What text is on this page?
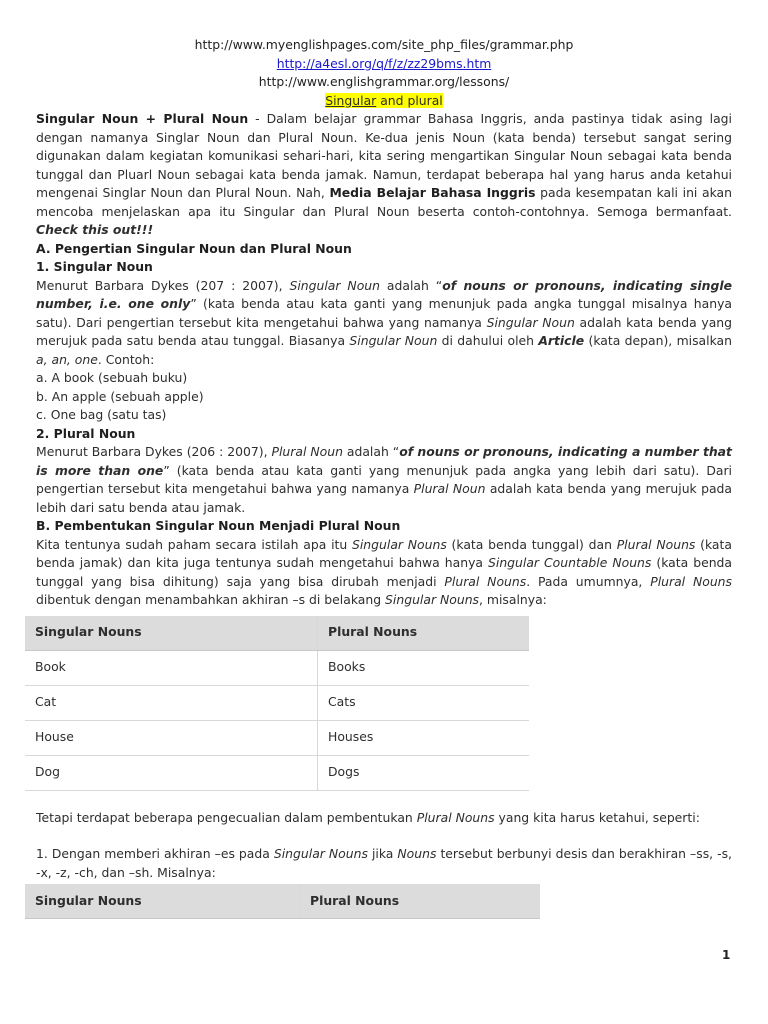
http://www.myenglishpages.com/site_php_files/grammar.php
http://a4esl.org/q/f/z/zz29bms.htm
http://www.englishgrammar.org/lessons/
Singular and plural

Singular Noun + Plural Noun - Dalam belajar grammar Bahasa Inggris, anda pastinya tidak asing lagi dengan namanya Singlar Noun dan Plural Noun. Ke-dua jenis Noun (kata benda) tersebut sangat sering digunakan dalam kegiatan komunikasi sehari-hari, kita sering mengartikan Singular Noun sebagai kata benda tunggal dan Pluarl Noun sebagai kata benda jamak. Namun, terdapat beberapa hal yang harus anda ketahui mengenai Singlar Noun dan Plural Noun. Nah, Media Belajar Bahasa Inggris pada kesempatan kali ini akan mencoba menjelaskan apa itu Singular dan Plural Noun beserta contoh-contohnya. Semoga bermanfaat. Check this out!!!

A. Pengertian Singular Noun dan Plural Noun
1. Singular Noun

Menurut Barbara Dykes (207 : 2007), Singular Noun adalah “of nouns or pronouns, indicating single number, i.e. one only” (kata benda atau kata ganti yang menunjuk pada angka tunggal misalnya hanya satu). Dari pengertian tersebut kita mengetahui bahwa yang namanya Singular Noun adalah kata benda yang merujuk pada satu benda atau tunggal. Biasanya Singular Noun di dahului oleh Article (kata depan), misalkan a, an, one. Contoh:

a. A book (sebuah buku)
b. An apple (sebuah apple)
c. One bag (satu tas)
2. Plural Noun

Menurut Barbara Dykes (206 : 2007), Plural Noun adalah “of nouns or pronouns, indicating a number that is more than one” (kata benda atau kata ganti yang menunjuk pada angka yang lebih dari satu). Dari pengertian tersebut kita mengetahui bahwa yang namanya Plural Noun adalah kata benda yang merujuk pada lebih dari satu benda atau jamak.

B. Pembentukan Singular Noun Menjadi Plural Noun

Kita tentunya sudah paham secara istilah apa itu Singular Nouns (kata benda tunggal) dan Plural Nouns (kata benda jamak) dan kita juga tentunya sudah mengetahui bahwa hanya Singular Countable Nouns (kata benda tunggal yang bisa dihitung) saja yang bisa dirubah menjadi Plural Nouns. Pada umumnya, Plural Nouns dibentuk dengan menambahkan akhiran –s di belakang Singular Nouns, misalnya:

Singular Nouns	Plural Nouns
Book	Books
Cat	Cats
House	Houses
Dog	Dogs

Tetapi terdapat beberapa pengecualian dalam pembentukan Plural Nouns yang kita harus ketahui, seperti:

1. Dengan memberi akhiran –es pada Singular Nouns jika Nouns tersebut berbunyi desis dan berakhiran –ss, -s, -x, -z, -ch, dan –sh. Misalnya:

Singular Nouns	Plural Nouns
1
